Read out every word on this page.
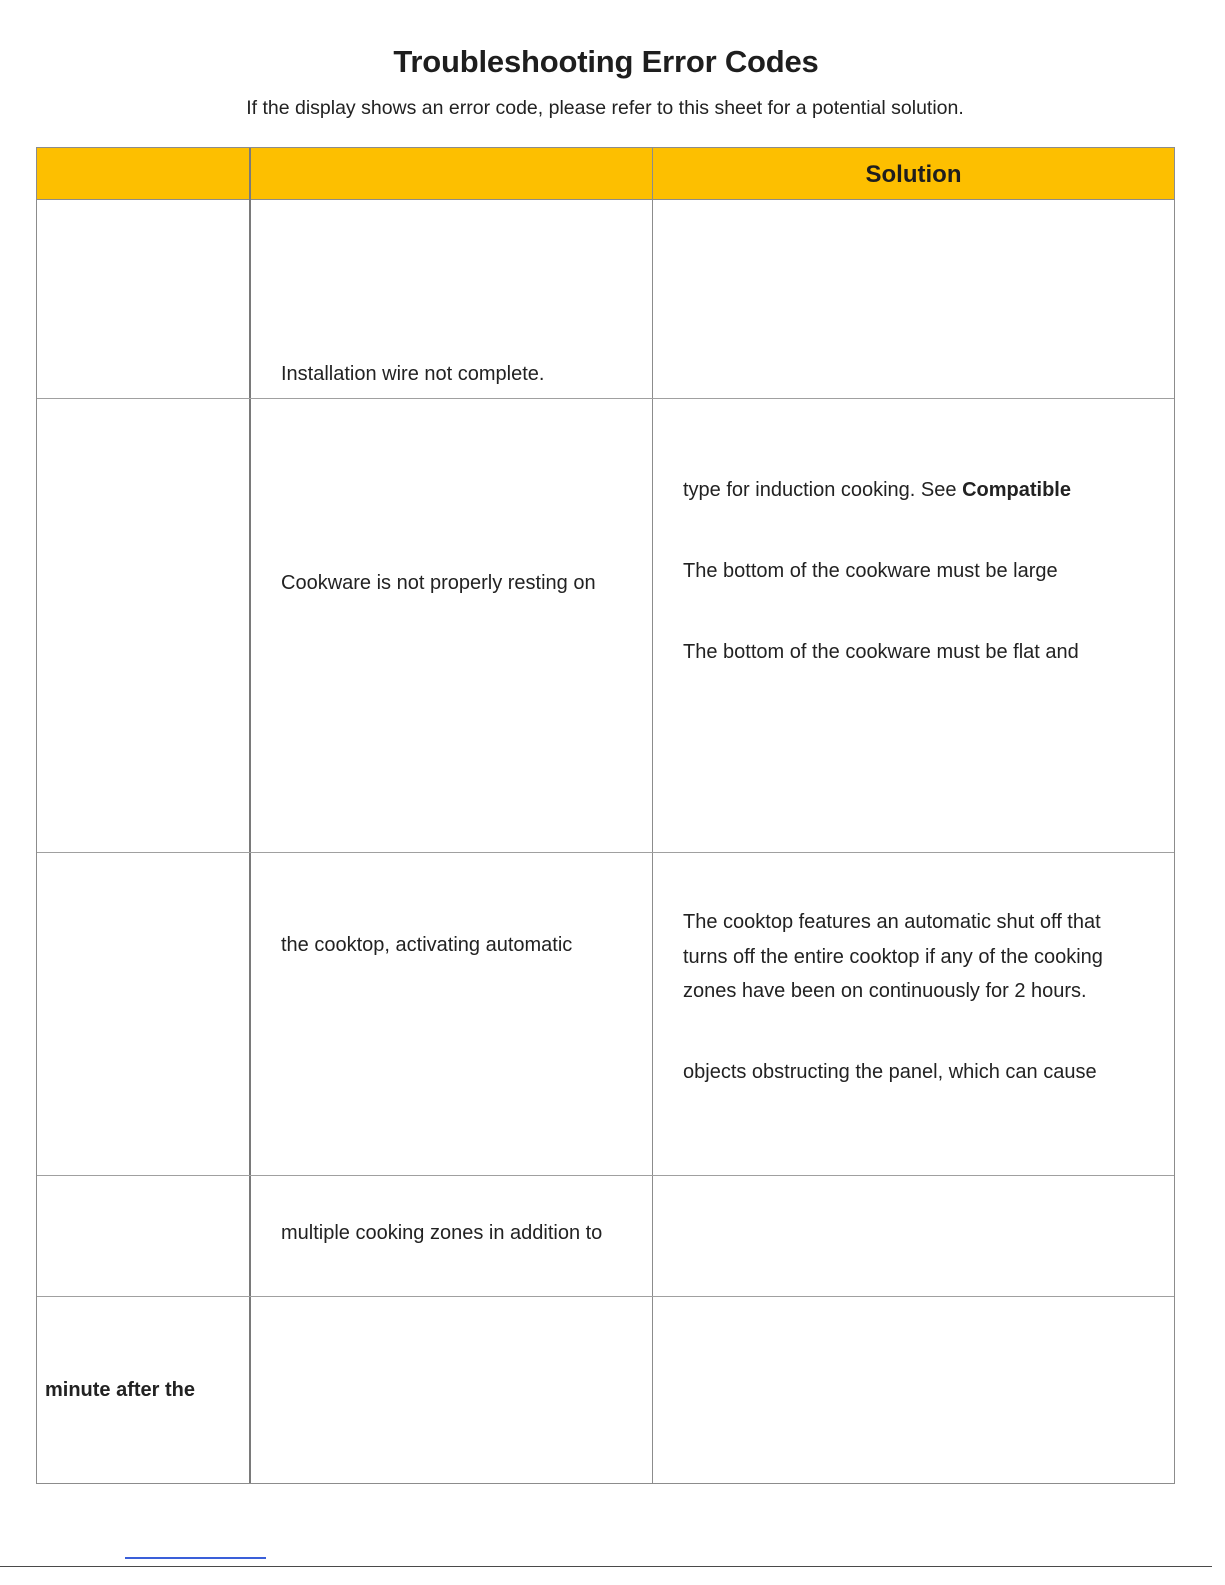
Troubleshooting Error Codes
If the display shows an error code, please refer to this sheet for a potential solution.
Solution
Installation wire not complete.
Cookware is not properly resting on
type for induction cooking. See Compatible
The bottom of the cookware must be large
The bottom of the cookware must be flat and
the cooktop, activating automatic
The cooktop features an automatic shut off that
turns off the entire cooktop if any of the cooking
zones have been on continuously for 2 hours.
objects obstructing the panel, which can cause
multiple cooking zones in addition to
minute after the
